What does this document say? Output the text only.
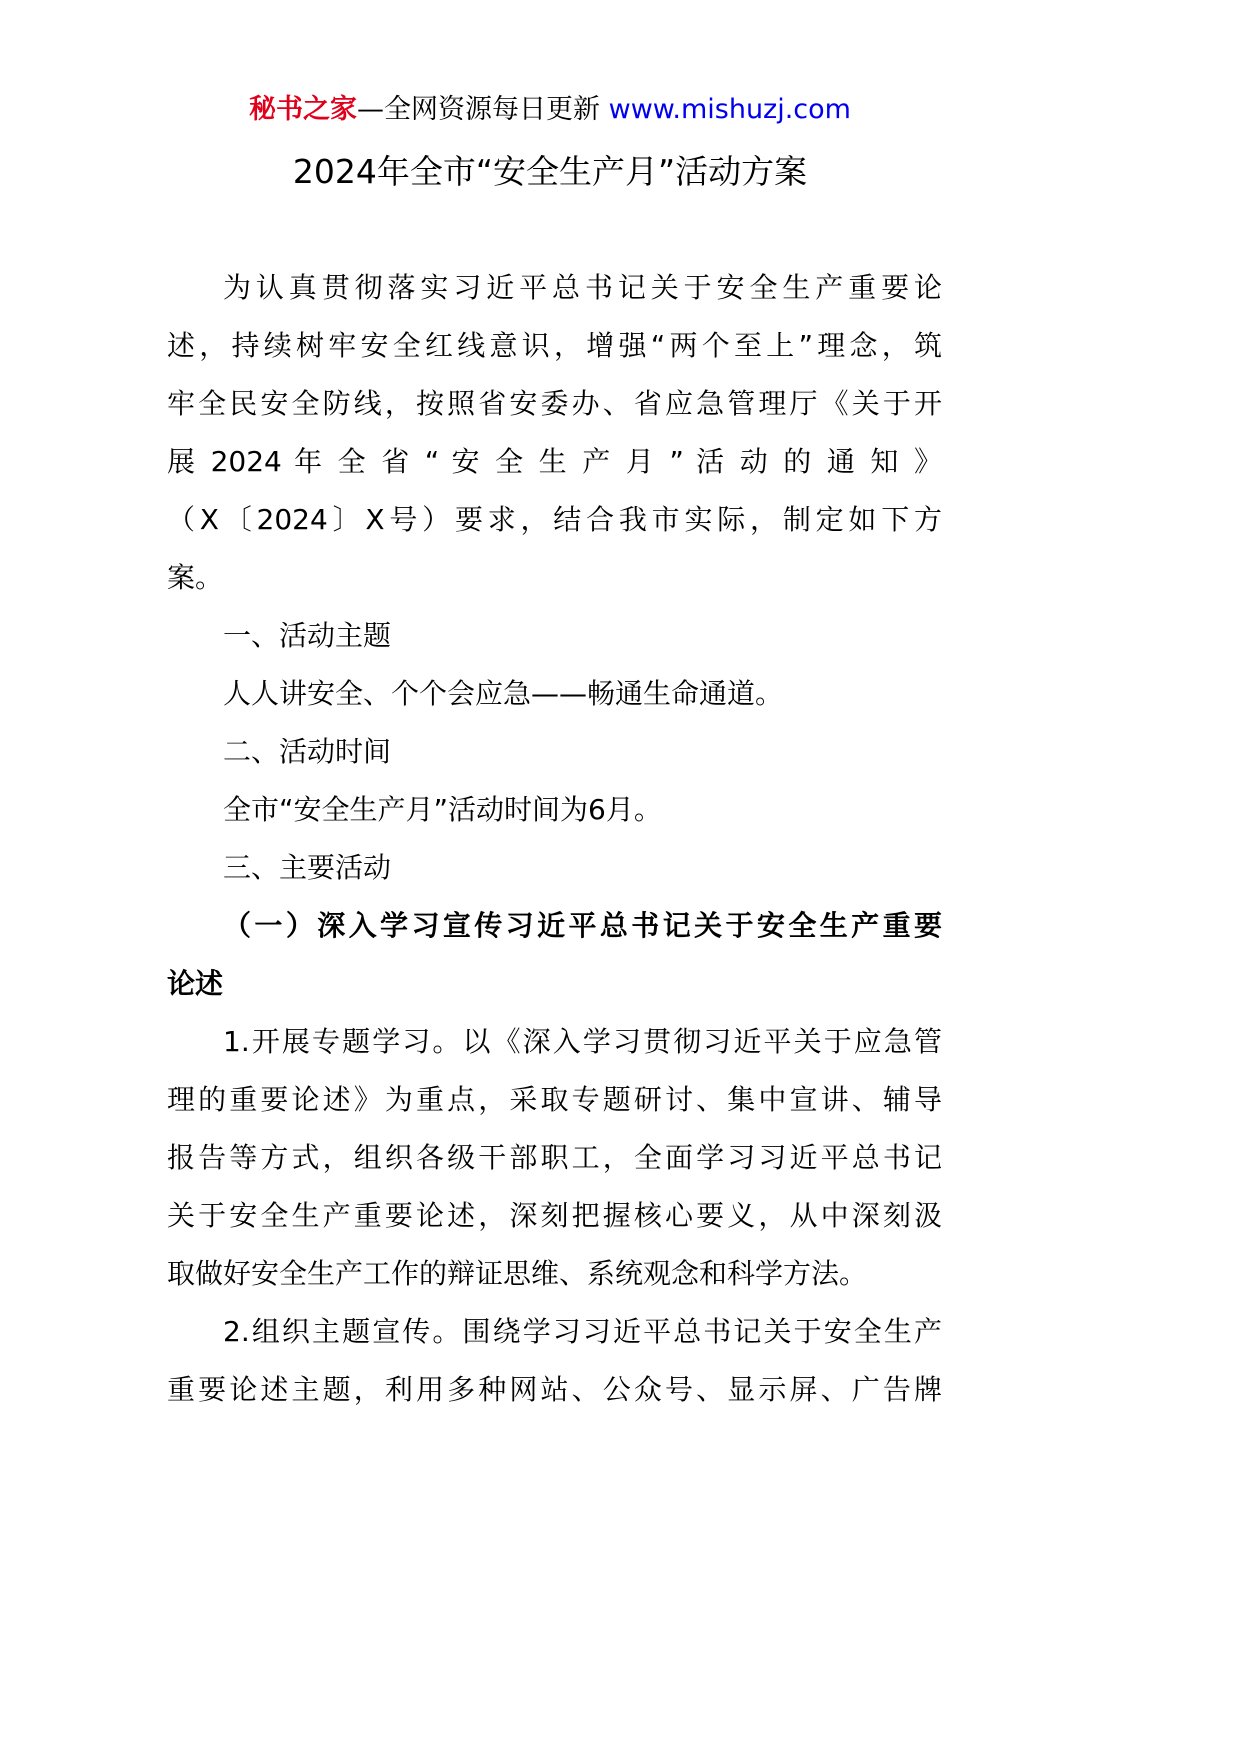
秘书之家—全网资源每日更新 www.mishuzj.com
2024年全市“安全生产月”活动方案

为认真贯彻落实习近平总书记关于安全生产重要论

述，持续树牢安全红线意识，增强“两个至上”理念，筑

牢全民安全防线，按照省安委办、省应急管理厅《关于开

展 2024 年 全 省 “ 安 全 生 产 月 ” 活 动 的 通 知 》

（X〔2024〕X号）要求，结合我市实际，制定如下方

案。

一、活动主题

人人讲安全、个个会应急——畅通生命通道。

二、活动时间

全市“安全生产月”活动时间为6月。

三、主要活动

（一）深入学习宣传习近平总书记关于安全生产重要

论述

1.开展专题学习。以《深入学习贯彻习近平关于应急管

理的重要论述》为重点，采取专题研讨、集中宣讲、辅导

报告等方式，组织各级干部职工，全面学习习近平总书记

关于安全生产重要论述，深刻把握核心要义，从中深刻汲

取做好安全生产工作的辩证思维、系统观念和科学方法。

2.组织主题宣传。围绕学习习近平总书记关于安全生产

重要论述主题，利用多种网站、公众号、显示屏、广告牌
